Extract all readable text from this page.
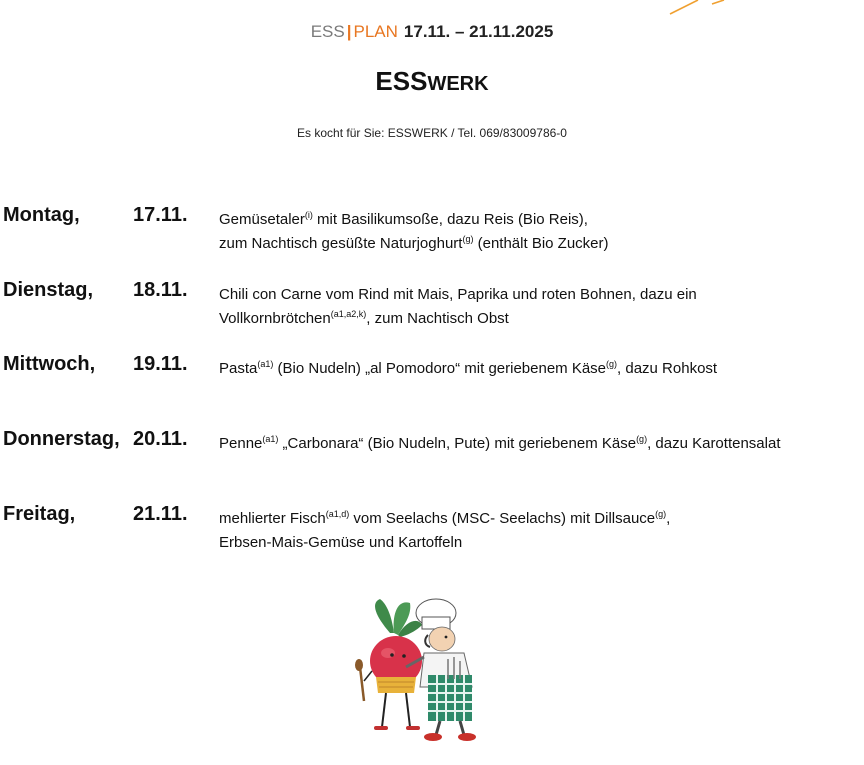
ESS | PLAN 17.11. – 21.11.2025
ESSWERK
Es kocht für Sie: ESSWERK / Tel. 069/83009786-0
Montag,	17.11. Gemüsetaler$^{(i)}$ mit Basilikumsoße, dazu Reis (Bio Reis),
zum Nachtisch gesüßte Naturjoghurt$^{(g)}$ (enthält Bio Zucker)
Dienstag, 18.11. Chili con Carne vom Rind mit Mais, Paprika und roten Bohnen, dazu ein
Vollkornbrötchen$^{(a1,a2,k)}$, zum Nachtisch Obst
Mittwoch, 19.11. Pasta$^{(a1)}$ (Bio Nudeln) „al Pomodoro“ mit geriebenem Käse$^{(g)}$, dazu Rohkost
Donnerstag, 20.11. Penne$^{(a1)}$ „Carbonara“ (Bio Nudeln, Pute) mit geriebenem Käse$^{(g)}$, dazu Karottensalat
Freitag,	21.11. mehlierter Fisch$^{(a1,d)}$ vom Seelachs (MSC- Seelachs) mit Dillsauce$^{(g)}$,
Erbsen-Mais-Gemüse und Kartoffeln
